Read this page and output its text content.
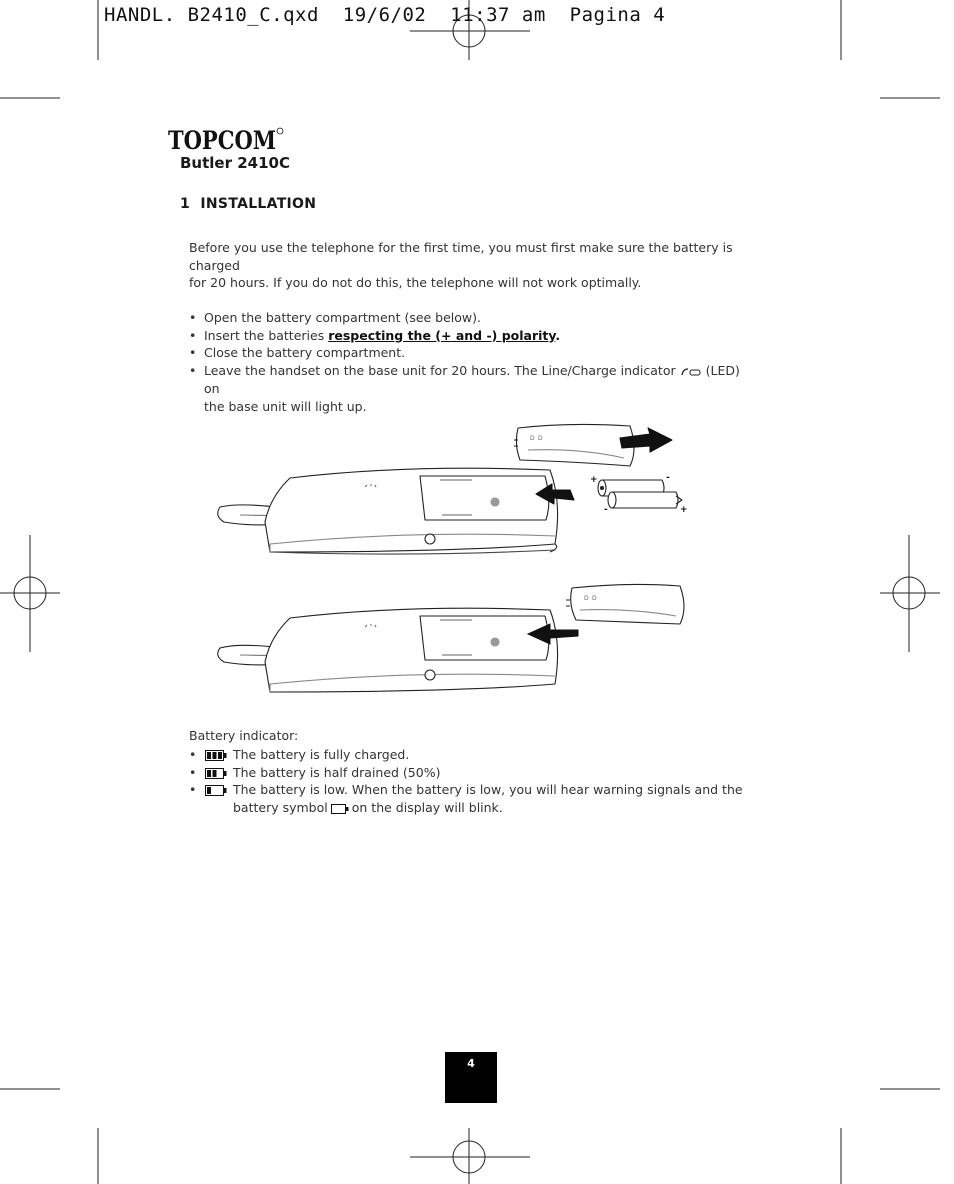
HANDL. B2410_C.qxd 19/6/02 11:37 am Pagina 4
TOPCOM
Butler 2410C
1 INSTALLATION
Before you use the telephone for the first time, you must first make sure the battery is charged
for 20 hours. If you do not do this, the telephone will not work optimally.
• Open the battery compartment (see below).
• Insert the batteries respecting the (+ and -) polarity.
• Close the battery compartment.
• Leave the handset on the base unit for 20 hours. The Line/Charge indicator (LED) on
the base unit will light up.
D D
+	-
-	+
D D
Battery indicator:
•	The battery is fully charged.
•	The battery is half drained (50%)
•	The battery is low. When the battery is low, you will hear warning signals and the
battery symbol on the display will blink.
4
